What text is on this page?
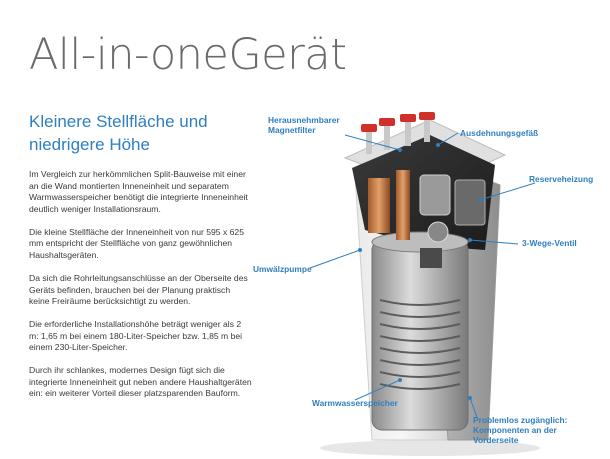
All-in-oneGerät
Kleinere Stellfläche und niedrigere Höhe

Im Vergleich zur herkömmlichen Split-Bauweise mit einer an die Wand montierten Inneneinheit und separatem Warmwasserspeicher benötigt die integrierte Inneneinheit deutlich weniger Installationsraum.

Die kleine Stellfläche der Inneneinheit von nur 595 x 625 mm entspricht der Stellfläche von ganz gewöhnlichen Haushaltsgeräten.

Da sich die Rohrleitungsanschlüsse an der Oberseite des Geräts befinden, brauchen bei der Planung praktisch keine Freiräume berücksichtigt zu werden.

Die erforderliche Installationshöhe beträgt weniger als 2 m: 1,65 m bei einem 180-Liter-Speicher bzw. 1,85 m bei einem 230-Liter-Speicher.

Durch ihr schlankes, modernes Design fügt sich die integrierte Inneneinheit gut neben andere Haushaltgeräten ein: ein weiterer Vorteil dieser platzsparenden Bauform.

Herausnehmbarer
Magnetfilter	Ausdehnungsgefäß
Reserveheizung
3-Wege-Ventil
Umwälzpumpe
Warmwasserspeicher
Problemlos zugänglich:
Komponenten an der
Vorderseite
